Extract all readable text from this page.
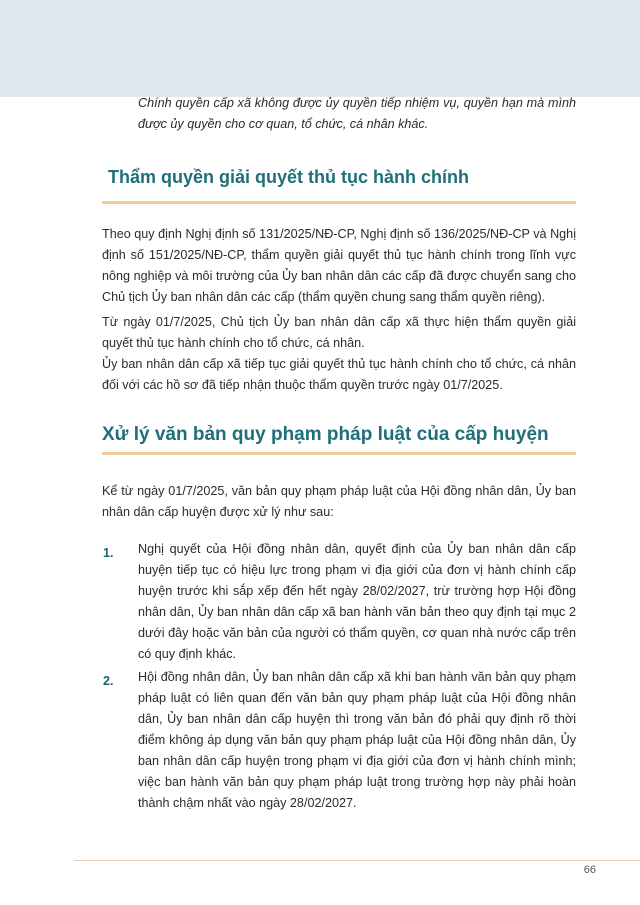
Chính quyền cấp xã không được ủy quyền tiếp nhiệm vụ, quyền hạn mà mình được ủy quyền cho cơ quan, tổ chức, cá nhân khác.

Thẩm quyền giải quyết thủ tục hành chính

Theo quy định Nghị định số 131/2025/NĐ-CP, Nghị định số 136/2025/NĐ-CP và Nghị định số 151/2025/NĐ-CP, thẩm quyền giải quyết thủ tục hành chính trong lĩnh vực nông nghiệp và môi trường của Ủy ban nhân dân các cấp đã được chuyển sang cho Chủ tịch Ủy ban nhân dân các cấp (thẩm quyền chung sang thẩm quyền riêng).

Từ ngày 01/7/2025, Chủ tịch Ủy ban nhân dân cấp xã thực hiện thẩm quyền giải quyết thủ tục hành chính cho tổ chức, cá nhân.

Ủy ban nhân dân cấp xã tiếp tục giải quyết thủ tục hành chính cho tổ chức, cá nhân đối với các hồ sơ đã tiếp nhận thuộc thẩm quyền trước ngày 01/7/2025.

Xử lý văn bản quy phạm pháp luật của cấp huyện

Kể từ ngày 01/7/2025, văn bản quy phạm pháp luật của Hội đồng nhân dân, Ủy ban nhân dân cấp huyện được xử lý như sau:

1. Nghị quyết của Hội đồng nhân dân, quyết định của Ủy ban nhân dân cấp huyện tiếp tục có hiệu lực trong phạm vi địa giới của đơn vị hành chính cấp huyện trước khi sắp xếp đến hết ngày 28/02/2027, trừ trường hợp Hội đồng nhân dân, Ủy ban nhân dân cấp xã ban hành văn bản theo quy định tại mục 2 dưới đây hoặc văn bản của người có thẩm quyền, cơ quan nhà nước cấp trên có quy định khác.

2. Hội đồng nhân dân, Ủy ban nhân dân cấp xã khi ban hành văn bản quy phạm pháp luật có liên quan đến văn bản quy phạm pháp luật của Hội đồng nhân dân, Ủy ban nhân dân cấp huyện thì trong văn bản đó phải quy định rõ thời điểm không áp dụng văn bản quy phạm pháp luật của Hội đồng nhân dân, Ủy ban nhân dân cấp huyện trong phạm vi địa giới của đơn vị hành chính mình; việc ban hành văn bản quy phạm pháp luật trong trường hợp này phải hoàn thành chậm nhất vào ngày 28/02/2027.

66
